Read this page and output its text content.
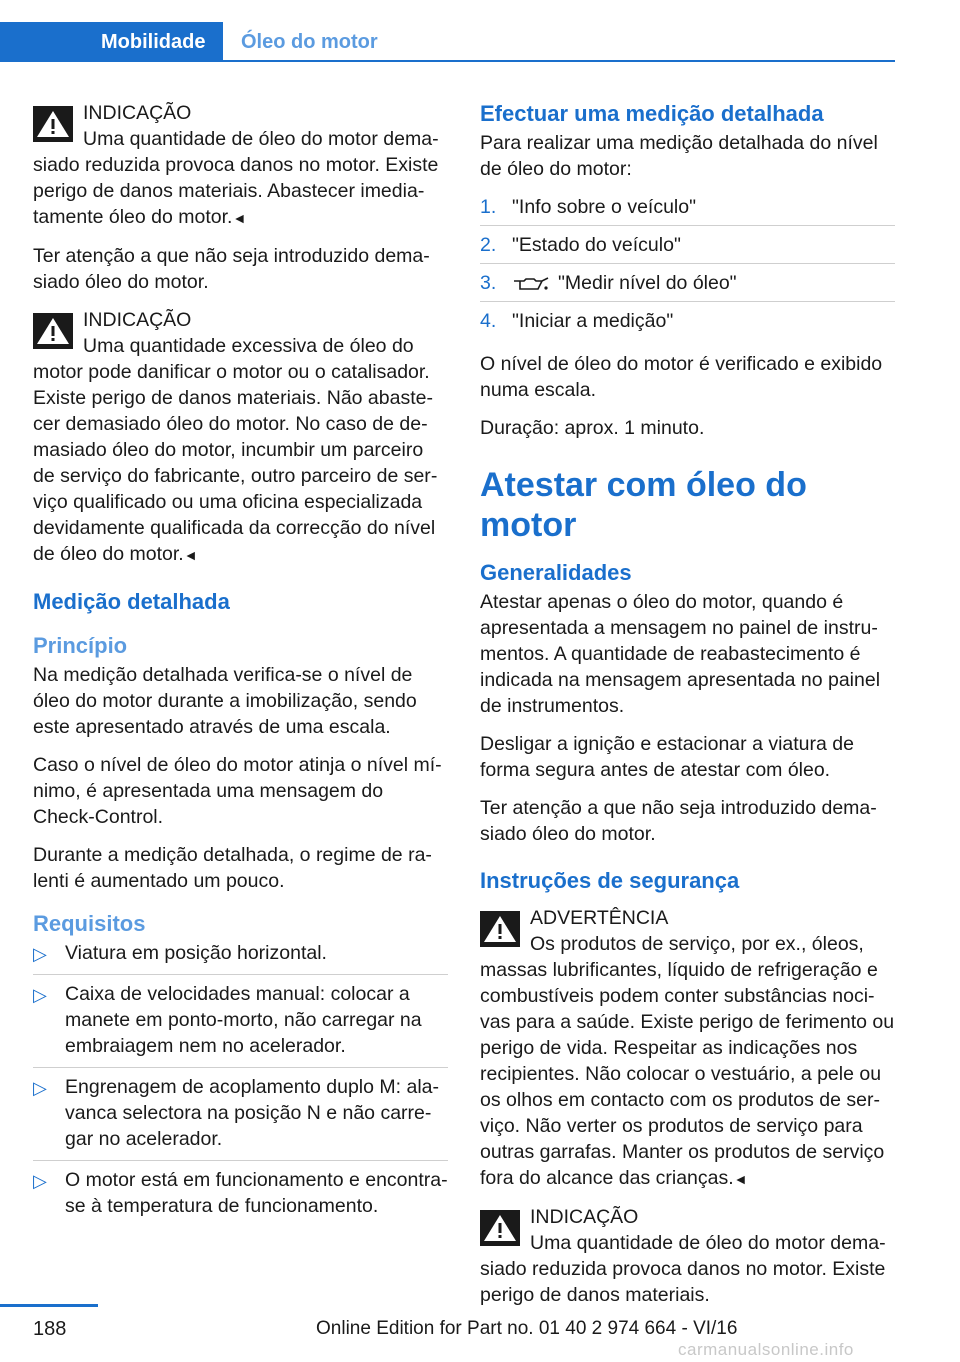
Mobilidade	Óleo do motor
INDICAÇÃO
Uma quantidade de óleo do motor demasiado reduzida provoca danos no motor. Existe perigo de danos materiais. Abastecer imediatamente óleo do motor.◄

Ter atenção a que não seja introduzido demasiado óleo do motor.

INDICAÇÃO
Uma quantidade excessiva de óleo do motor pode danificar o motor ou o catalisador. Existe perigo de danos materiais. Não abastecer demasiado óleo do motor. No caso de demasiado óleo do motor, incumbir um parceiro de serviço do fabricante, outro parceiro de serviço qualificado ou uma oficina especializada devidamente qualificada da correcção do nível de óleo do motor.◄
Medição detalhada
Princípio

Na medição detalhada verifica-se o nível de óleo do motor durante a imobilização, sendo este apresentado através de uma escala.

Caso o nível de óleo do motor atinja o nível mínimo, é apresentada uma mensagem do Check-Control.

Durante a medição detalhada, o regime de ralenti é aumentado um pouco.

Requisitos
▷ Viatura em posição horizontal.
▷ Caixa de velocidades manual: colocar a manete em ponto-morto, não carregar na embraiagem nem no acelerador.
▷ Engrenagem de acoplamento duplo M: alavanca selectora na posição N e não carregar no acelerador.
▷ O motor está em funcionamento e encontra-se à temperatura de funcionamento.
Efectuar uma medição detalhada

Para realizar uma medição detalhada do nível de óleo do motor:

1. "Info sobre o veículo"
2. "Estado do veículo"
3.	"Medir nível do óleo"
4. "Iniciar a medição"

O nível de óleo do motor é verificado e exibido numa escala.

Duração: aprox. 1 minuto.

Atestar com óleo do motor
Generalidades

Atestar apenas o óleo do motor, quando é apresentada a mensagem no painel de instrumentos. A quantidade de reabastecimento é indicada na mensagem apresentada no painel de instrumentos.

Desligar a ignição e estacionar a viatura de forma segura antes de atestar com óleo.

Ter atenção a que não seja introduzido demasiado óleo do motor.

Instruções de segurança
ADVERTÊNCIA
Os produtos de serviço, por ex., óleos, massas lubrificantes, líquido de refrigeração e combustíveis podem conter substâncias nocivas para a saúde. Existe perigo de ferimento ou perigo de vida. Respeitar as indicações nos recipientes. Não colocar o vestuário, a pele ou os olhos em contacto com os produtos de serviço. Não verter os produtos de serviço para outras garrafas. Manter os produtos de serviço fora do alcance das crianças.◄
INDICAÇÃO
Uma quantidade de óleo do motor demasiado reduzida provoca danos no motor. Existe perigo de danos materiais.
188	Online Edition for Part no. 01 40 2 974 664 - VI/16
carmanualsonline.info
